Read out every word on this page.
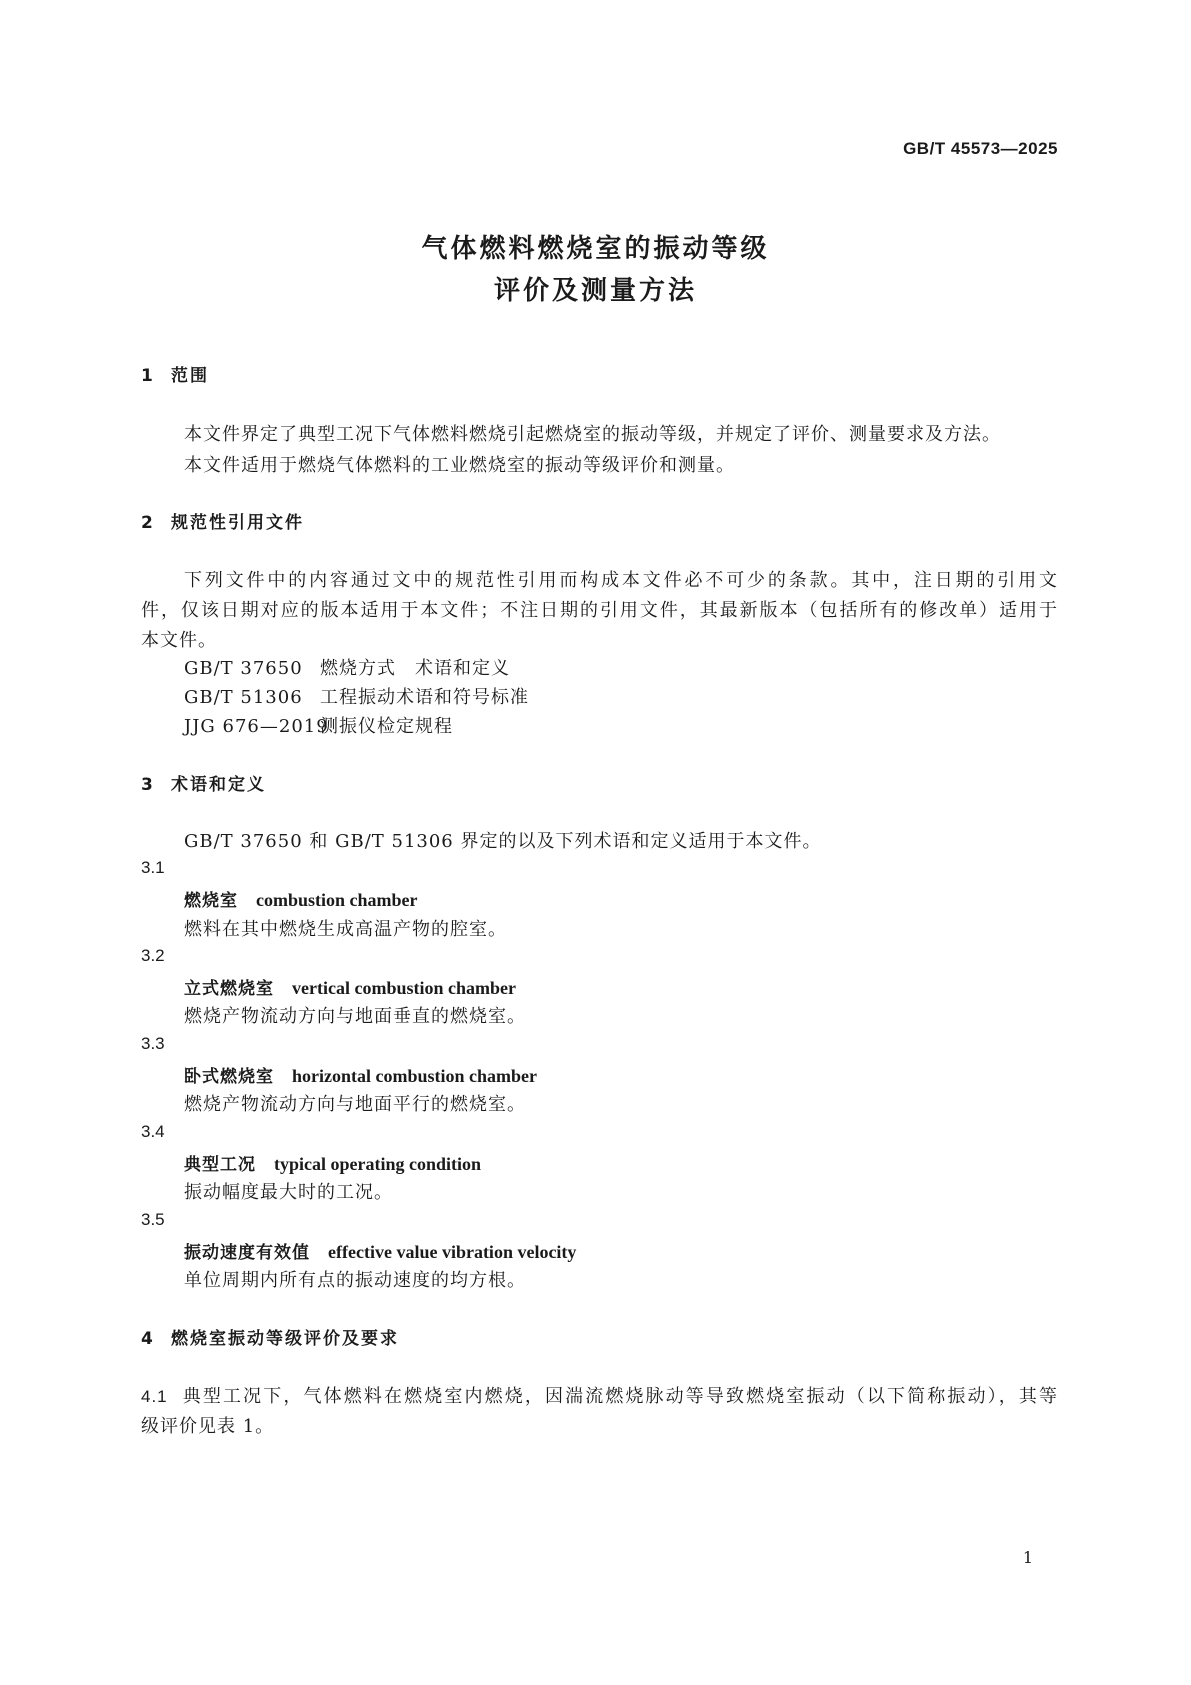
GB/T 45573—2025
气体燃料燃烧室的振动等级
评价及测量方法
1 范围
本文件界定了典型工况下气体燃料燃烧引起燃烧室的振动等级，并规定了评价、测量要求及方法。
本文件适用于燃烧气体燃料的工业燃烧室的振动等级评价和测量。
2 规范性引用文件
下列文件中的内容通过文中的规范性引用而构成本文件必不可少的条款。其中，注日期的引用文
件，仅该日期对应的版本适用于本文件；不注日期的引用文件，其最新版本（包括所有的修改单）适用于
本文件。
GB/T 37650 燃烧方式　术语和定义
GB/T 51306 工程振动术语和符号标准
JJG 676—2019测振仪检定规程
3 术语和定义
GB/T 37650 和 GB/T 51306 界定的以及下列术语和定义适用于本文件。
3.1
燃烧室 combustion chamber
燃料在其中燃烧生成高温产物的腔室。
3.2
立式燃烧室 vertical combustion chamber
燃烧产物流动方向与地面垂直的燃烧室。
3.3
卧式燃烧室 horizontal combustion chamber
燃烧产物流动方向与地面平行的燃烧室。
3.4
典型工况 typical operating condition
振动幅度最大时的工况。
3.5
振动速度有效值 effective value vibration velocity
单位周期内所有点的振动速度的均方根。
4 燃烧室振动等级评价及要求
4.1 典型工况下，气体燃料在燃烧室内燃烧，因湍流燃烧脉动等导致燃烧室振动（以下简称振动），其等
级评价见表 1。
1
